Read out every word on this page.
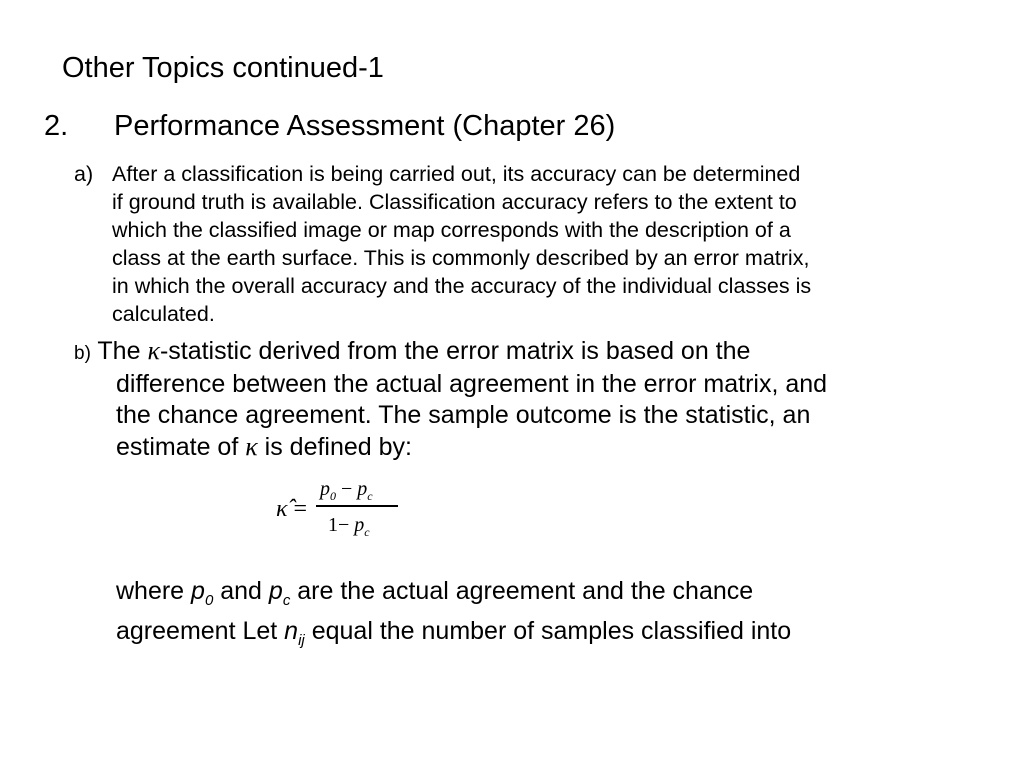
Other Topics continued-1
2. Performance Assessment (Chapter 26)
a) After a classification is being carried out, its accuracy can be determined
if ground truth is available. Classification accuracy refers to the extent to
which the classified image or map corresponds with the description of a
class at the earth surface. This is commonly described by an error matrix,
in which the overall accuracy and the accuracy of the individual classes is
calculated.
b) The κ-statistic derived from the error matrix is based on the
difference between the actual agreement in the error matrix, and
the chance agreement. The sample outcome is the statistic, an
estimate of κ is defined by:
κ̂ =
$p_0 - p_c$
$1- p_c$
where $p_0$ and $p_c$ are the actual agreement and the chance
agreement Let $n_{ij}$ equal the number of samples classified into
